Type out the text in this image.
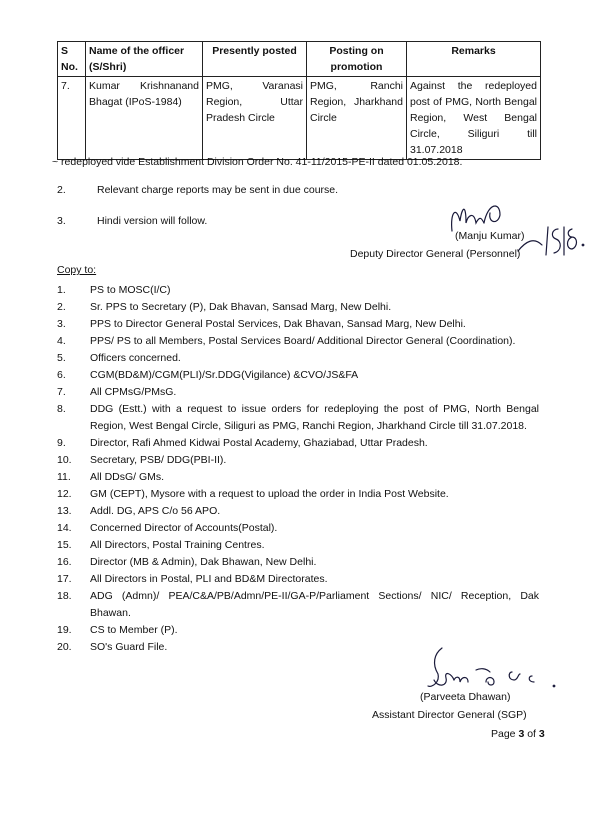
S No.	Name of the officer (S/Shri)	Presently posted	Posting on promotion	Remarks
7.	Kumar Krishnanand Bhagat (IPoS-1984)	PMG, Varanasi Region, Uttar Pradesh Circle	PMG, Ranchi Region, Jharkhand Circle	Against the redeployed post of PMG, North Bengal Region, West Bengal Circle, Siliguri till 31.07.2018
~ redeployed vide Establishment Division Order No. 41-11/2015-PE-II dated 01.05.2018.
2.	Relevant charge reports may be sent in due course.
3.	Hindi version will follow.
(Manju Kumar)
Deputy Director General (Personnel)
Copy to:
1. PS to MOSC(I/C)
2. Sr. PPS to Secretary (P), Dak Bhavan, Sansad Marg, New Delhi.
3. PPS to Director General Postal Services, Dak Bhavan, Sansad Marg, New Delhi.
4. PPS/ PS to all Members, Postal Services Board/ Additional Director General (Coordination).
5. Officers concerned.
6. CGM(BD&M)/CGM(PLI)/Sr.DDG(Vigilance) &CVO/JS&FA
7. All CPMsG/PMsG.
8. DDG (Estt.) with a request to issue orders for redeploying the post of PMG, North Bengal Region, West Bengal Circle, Siliguri as PMG, Ranchi Region, Jharkhand Circle till 31.07.2018.
9. Director, Rafi Ahmed Kidwai Postal Academy, Ghaziabad, Uttar Pradesh.
10. Secretary, PSB/ DDG(PBI-II).
11. All DDsG/ GMs.
12. GM (CEPT), Mysore with a request to upload the order in India Post Website.
13. Addl. DG, APS C/o 56 APO.
14. Concerned Director of Accounts(Postal).
15. All Directors, Postal Training Centres.
16. Director (MB & Admin), Dak Bhawan, New Delhi.
17. All Directors in Postal, PLI and BD&M Directorates.
18. ADG (Admn)/ PEA/C&A/PB/Admn/PE-II/GA-P/Parliament Sections/ NIC/ Reception, Dak Bhawan.
19. CS to Member (P).
20. SO's Guard File.
(Parveeta Dhawan)
Assistant Director General (SGP)
Page 3 of 3
